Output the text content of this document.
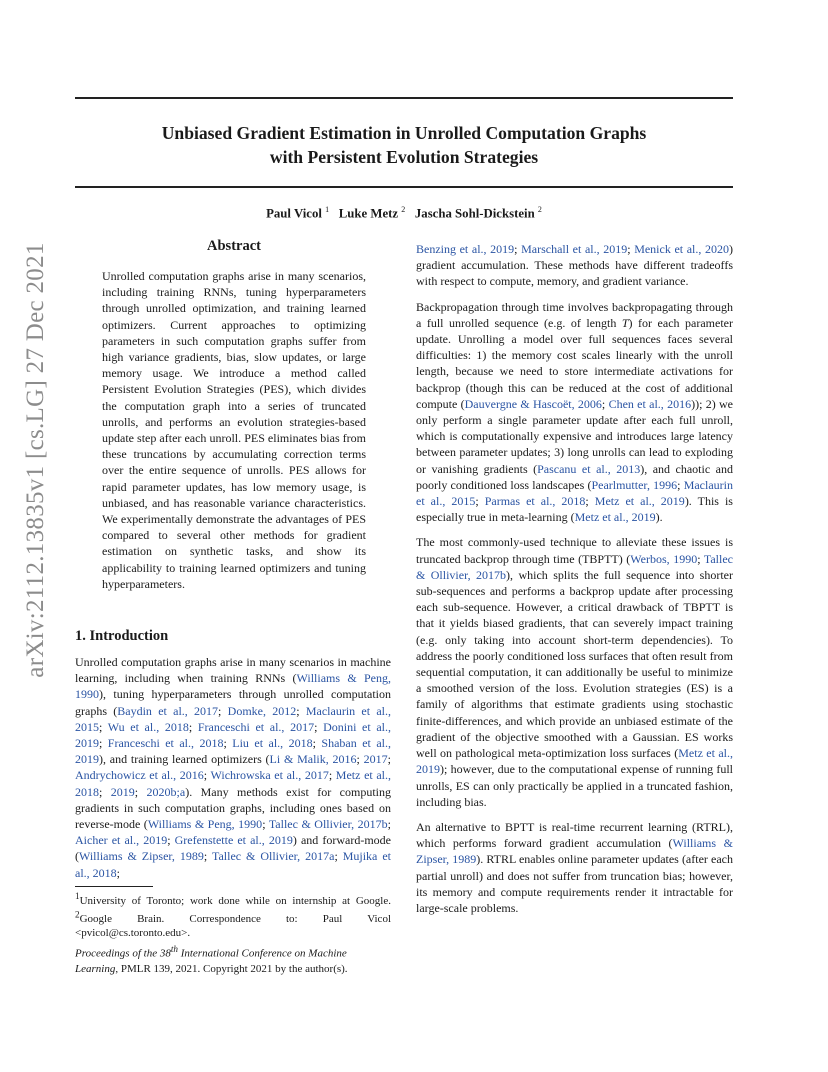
arXiv:2112.13835v1 [cs.LG] 27 Dec 2021
Unbiased Gradient Estimation in Unrolled Computation Graphs
with Persistent Evolution Strategies
Paul Vicol $^1$ Luke Metz $^2$ Jascha Sohl-Dickstein $^2$
Abstract

Unrolled computation graphs arise in many scenarios, including training RNNs, tuning hyperparameters through unrolled optimization, and training learned optimizers. Current approaches to optimizing parameters in such computation graphs suffer from high variance gradients, bias, slow updates, or large memory usage. We introduce a method called Persistent Evolution Strategies (PES), which divides the computation graph into a series of truncated unrolls, and performs an evolution strategies-based update step after each unroll. PES eliminates bias from these truncations by accumulating correction terms over the entire sequence of unrolls. PES allows for rapid parameter updates, has low memory usage, is unbiased, and has reasonable variance characteristics. We experimentally demonstrate the advantages of PES compared to several other methods for gradient estimation on synthetic tasks, and show its applicability to training learned optimizers and tuning hyperparameters.

1. Introduction

Unrolled computation graphs arise in many scenarios in machine learning, including when training RNNs (Williams & Peng, 1990), tuning hyperparameters through unrolled computation graphs (Baydin et al., 2017; Domke, 2012; Maclaurin et al., 2015; Wu et al., 2018; Franceschi et al., 2017; Donini et al., 2019; Franceschi et al., 2018; Liu et al., 2018; Shaban et al., 2019), and training learned optimizers (Li & Malik, 2016; 2017; Andrychowicz et al., 2016; Wichrowska et al., 2017; Metz et al., 2018; 2019; 2020b;a). Many methods exist for computing gradients in such computation graphs, including ones based on reverse-mode (Williams & Peng, 1990; Tallec & Ollivier, 2017b; Aicher et al., 2019; Grefenstette et al., 2019) and forward-mode (Williams & Zipser, 1989; Tallec & Ollivier, 2017a; Mujika et al., 2018;

$^1$University of Toronto; work done while on internship at Google. $^2$Google Brain. Correspondence to: Paul Vicol <pvicol@cs.toronto.edu>.
Proceedings of the 38th International Conference on Machine Learning, PMLR 139, 2021. Copyright 2021 by the author(s).

Benzing et al., 2019; Marschall et al., 2019; Menick et al., 2020) gradient accumulation. These methods have different tradeoffs with respect to compute, memory, and gradient variance.

Backpropagation through time involves backpropagating through a full unrolled sequence (e.g. of length T) for each parameter update. Unrolling a model over full sequences faces several difficulties: 1) the memory cost scales linearly with the unroll length, because we need to store intermediate activations for backprop (though this can be reduced at the cost of additional compute (Dauvergne & Hascoët, 2006; Chen et al., 2016)); 2) we only perform a single parameter update after each full unroll, which is computationally expensive and introduces large latency between parameter updates; 3) long unrolls can lead to exploding or vanishing gradients (Pascanu et al., 2013), and chaotic and poorly conditioned loss landscapes (Pearlmutter, 1996; Maclaurin et al., 2015; Parmas et al., 2018; Metz et al., 2019). This is especially true in meta-learning (Metz et al., 2019).

The most commonly-used technique to alleviate these issues is truncated backprop through time (TBPTT) (Werbos, 1990; Tallec & Ollivier, 2017b), which splits the full sequence into shorter sub-sequences and performs a backprop update after processing each sub-sequence. However, a critical drawback of TBPTT is that it yields biased gradients, that can severely impact training (e.g. only taking into account short-term dependencies). To address the poorly conditioned loss surfaces that often result from sequential computation, it can additionally be useful to minimize a smoothed version of the loss. Evolution strategies (ES) is a family of algorithms that estimate gradients using stochastic finite-differences, and which provide an unbiased estimate of the gradient of the objective smoothed with a Gaussian. ES works well on pathological meta-optimization loss surfaces (Metz et al., 2019); however, due to the computational expense of running full unrolls, ES can only practically be applied in a truncated fashion, including bias.

An alternative to BPTT is real-time recurrent learning (RTRL), which performs forward gradient accumulation (Williams & Zipser, 1989). RTRL enables online parameter updates (after each partial unroll) and does not suffer from truncation bias; however, its memory and compute requirements render it intractable for large-scale problems.
